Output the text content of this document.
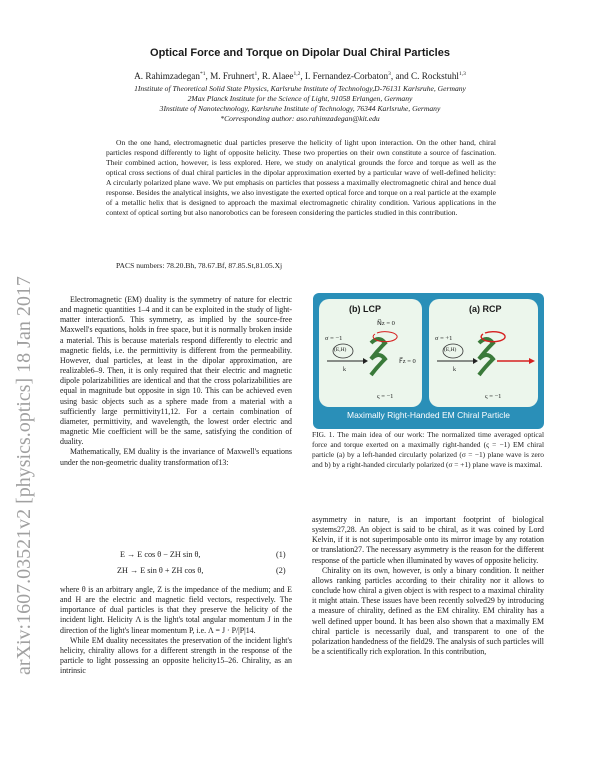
arXiv:1607.03521v2 [physics.optics] 18 Jan 2017
Optical Force and Torque on Dipolar Dual Chiral Particles
A. Rahimzadegan$^{*1}$, M. Fruhnert$^1$, R. Alaee$^{1,2}$, I. Fernandez-Corbaton$^3$, and C. Rockstuhl$^{1,3}$
1Institute of Theoretical Solid State Physics, Karlsruhe Institute of Technology,D-76131 Karlsruhe, Germany
2Max Planck Institute for the Science of Light, 91058 Erlangen, Germany
3Institute of Nanotechnology, Karlsruhe Institute of Technology, 76344 Karlsruhe, Germany
*Corresponding author: aso.rahimzadegan@kit.edu

On the one hand, electromagnetic dual particles preserve the helicity of light upon interaction. On the other hand, chiral particles respond differently to light of opposite helicity. These two properties on their own constitute a source of fascination. Their combined action, however, is less explored. Here, we study on analytical grounds the force and torque as well as the optical cross sections of dual chiral particles in the dipolar approximation exerted by a particular wave of well-defined helicity: A circularly polarized plane wave. We put emphasis on particles that possess a maximally electromagnetic chiral and hence dual response. Besides the analytical insights, we also investigate the exerted optical force and torque on a real particle at the example of a metallic helix that is designed to approach the maximal electromagnetic chirality condition. Various applications in the context of optical sorting but also nanorobotics can be foreseen considering the particles studied in this contribution.

PACS numbers: 78.20.Bh, 78.67.Bf, 87.85.St,81.05.Xj

Electromagnetic (EM) duality is the symmetry of nature for electric and magnetic quantities 1–4 and it can be exploited in the study of light-matter interaction5. This symmetry, as implied by the source-free Maxwell's equations, holds in free space, but it is normally broken inside a material. This is because materials respond differently to electric and magnetic fields, i.e. the permittivity is different from the permeability. However, dual particles, at least in the dipolar approximation, are realizable6–9. Then, it is only required that their electric and magnetic dipole polarizabilities are identical and that the cross polarizabilities are equal in magnitude but opposite in sign 10. This can be achieved even using basic objects such as a sphere made from a material with a sufficiently large permittivity11,12. For a certain combination of diameter, permittivity, and wavelength, the lowest order electric and magnetic Mie coefficient will be the same, satisfying the condition of duality.

Mathematically, EM duality is the invariance of Maxwell's equations under the non-geometric duality transformation of13:

E → E cos θ − ZH sin θ,	(1)
ZH → E sin θ + ZH cos θ,	(2)

where θ is an arbitrary angle, Z is the impedance of the medium; and E and H are the electric and magnetic field vectors, respectively. The importance of dual particles is that they preserve the helicity of the incident light. Helicity Λ is the light's total angular momentum J in the direction of the light's linear momentum P, i.e. Λ = J · P/|P|14.

While EM duality necessitates the preservation of the incident light's helicity, chirality allows for a different strength in the response of the particle to light possessing an opposite helicity15–26. Chirality, as an intrinsic

(b) LCP
σ = −1
(E,H)
k
N⃗z = 0
F⃗z = 0
ς = −1
(a) RCP
σ = +1
(E,H)
k
ς = −1
Maximally Right-Handed EM Chiral Particle
FIG. 1. The main idea of our work: The normalized time averaged optical force and torque exerted on a maximally right-handed (ς = −1) EM chiral particle (a) by a left-handed circularly polarized (σ = −1) plane wave is zero and b) by a right-handed circularly polarized (σ = +1) plane wave is maximal.

asymmetry in nature, is an important footprint of biological systems27,28. An object is said to be chiral, as it was coined by Lord Kelvin, if it is not superimposable onto its mirror image by any rotation or translation27. The necessary asymmetry is the reason for the different response of the particle when illuminated by waves of opposite helicity.

Chirality on its own, however, is only a binary condition. It neither allows ranking particles according to their chirality nor it allows to conclude how chiral a given object is with respect to a maximal chirality it might attain. These issues have been recently solved29 by introducing a measure of chirality, defined as the EM chirality. EM chirality has a well defined upper bound. It has been also shown that a maximally EM chiral particle is necessarily dual, and transparent to one of the polarization handedness of the field29. The analysis of such particles will be a scientifically rich exploration. In this contribution,
